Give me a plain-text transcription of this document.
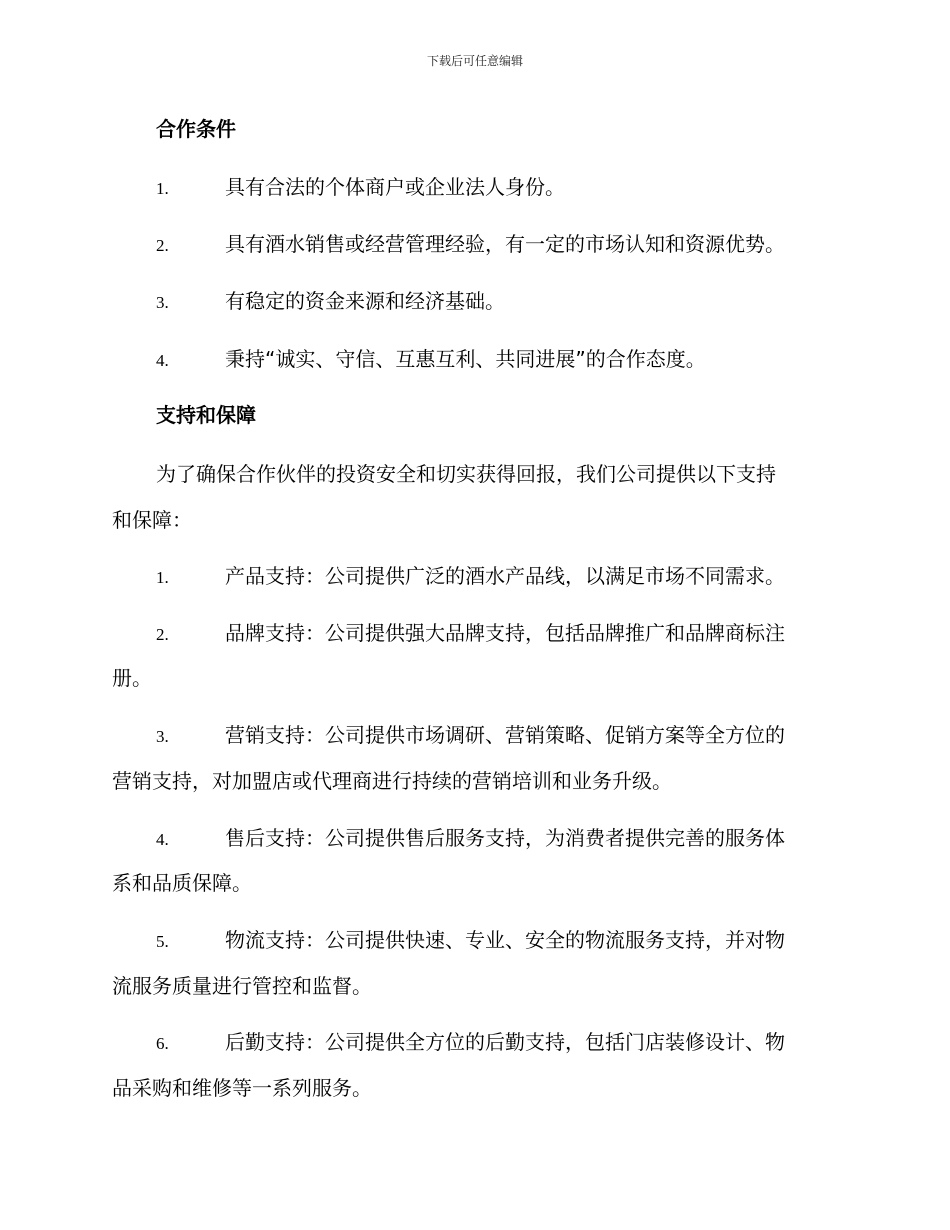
下载后可任意编辑
合作条件
1.	具有合法的个体商户或企业法人身份。
2.	具有酒水销售或经营管理经验，有一定的市场认知和资源优势。
3.	有稳定的资金来源和经济基础。
4.	秉持“诚实、守信、互惠互利、共同进展”的合作态度。
支持和保障
为了确保合作伙伴的投资安全和切实获得回报，我们公司提供以下支持
和保障：
1.	产品支持：公司提供广泛的酒水产品线，以满足市场不同需求。
2.	品牌支持：公司提供强大品牌支持，包括品牌推广和品牌商标注
册。
3.	营销支持：公司提供市场调研、营销策略、促销方案等全方位的
营销支持，对加盟店或代理商进行持续的营销培训和业务升级。
4.	售后支持：公司提供售后服务支持，为消费者提供完善的服务体
系和品质保障。
5.	物流支持：公司提供快速、专业、安全的物流服务支持，并对物
流服务质量进行管控和监督。
6.	后勤支持：公司提供全方位的后勤支持，包括门店装修设计、物
品采购和维修等一系列服务。
